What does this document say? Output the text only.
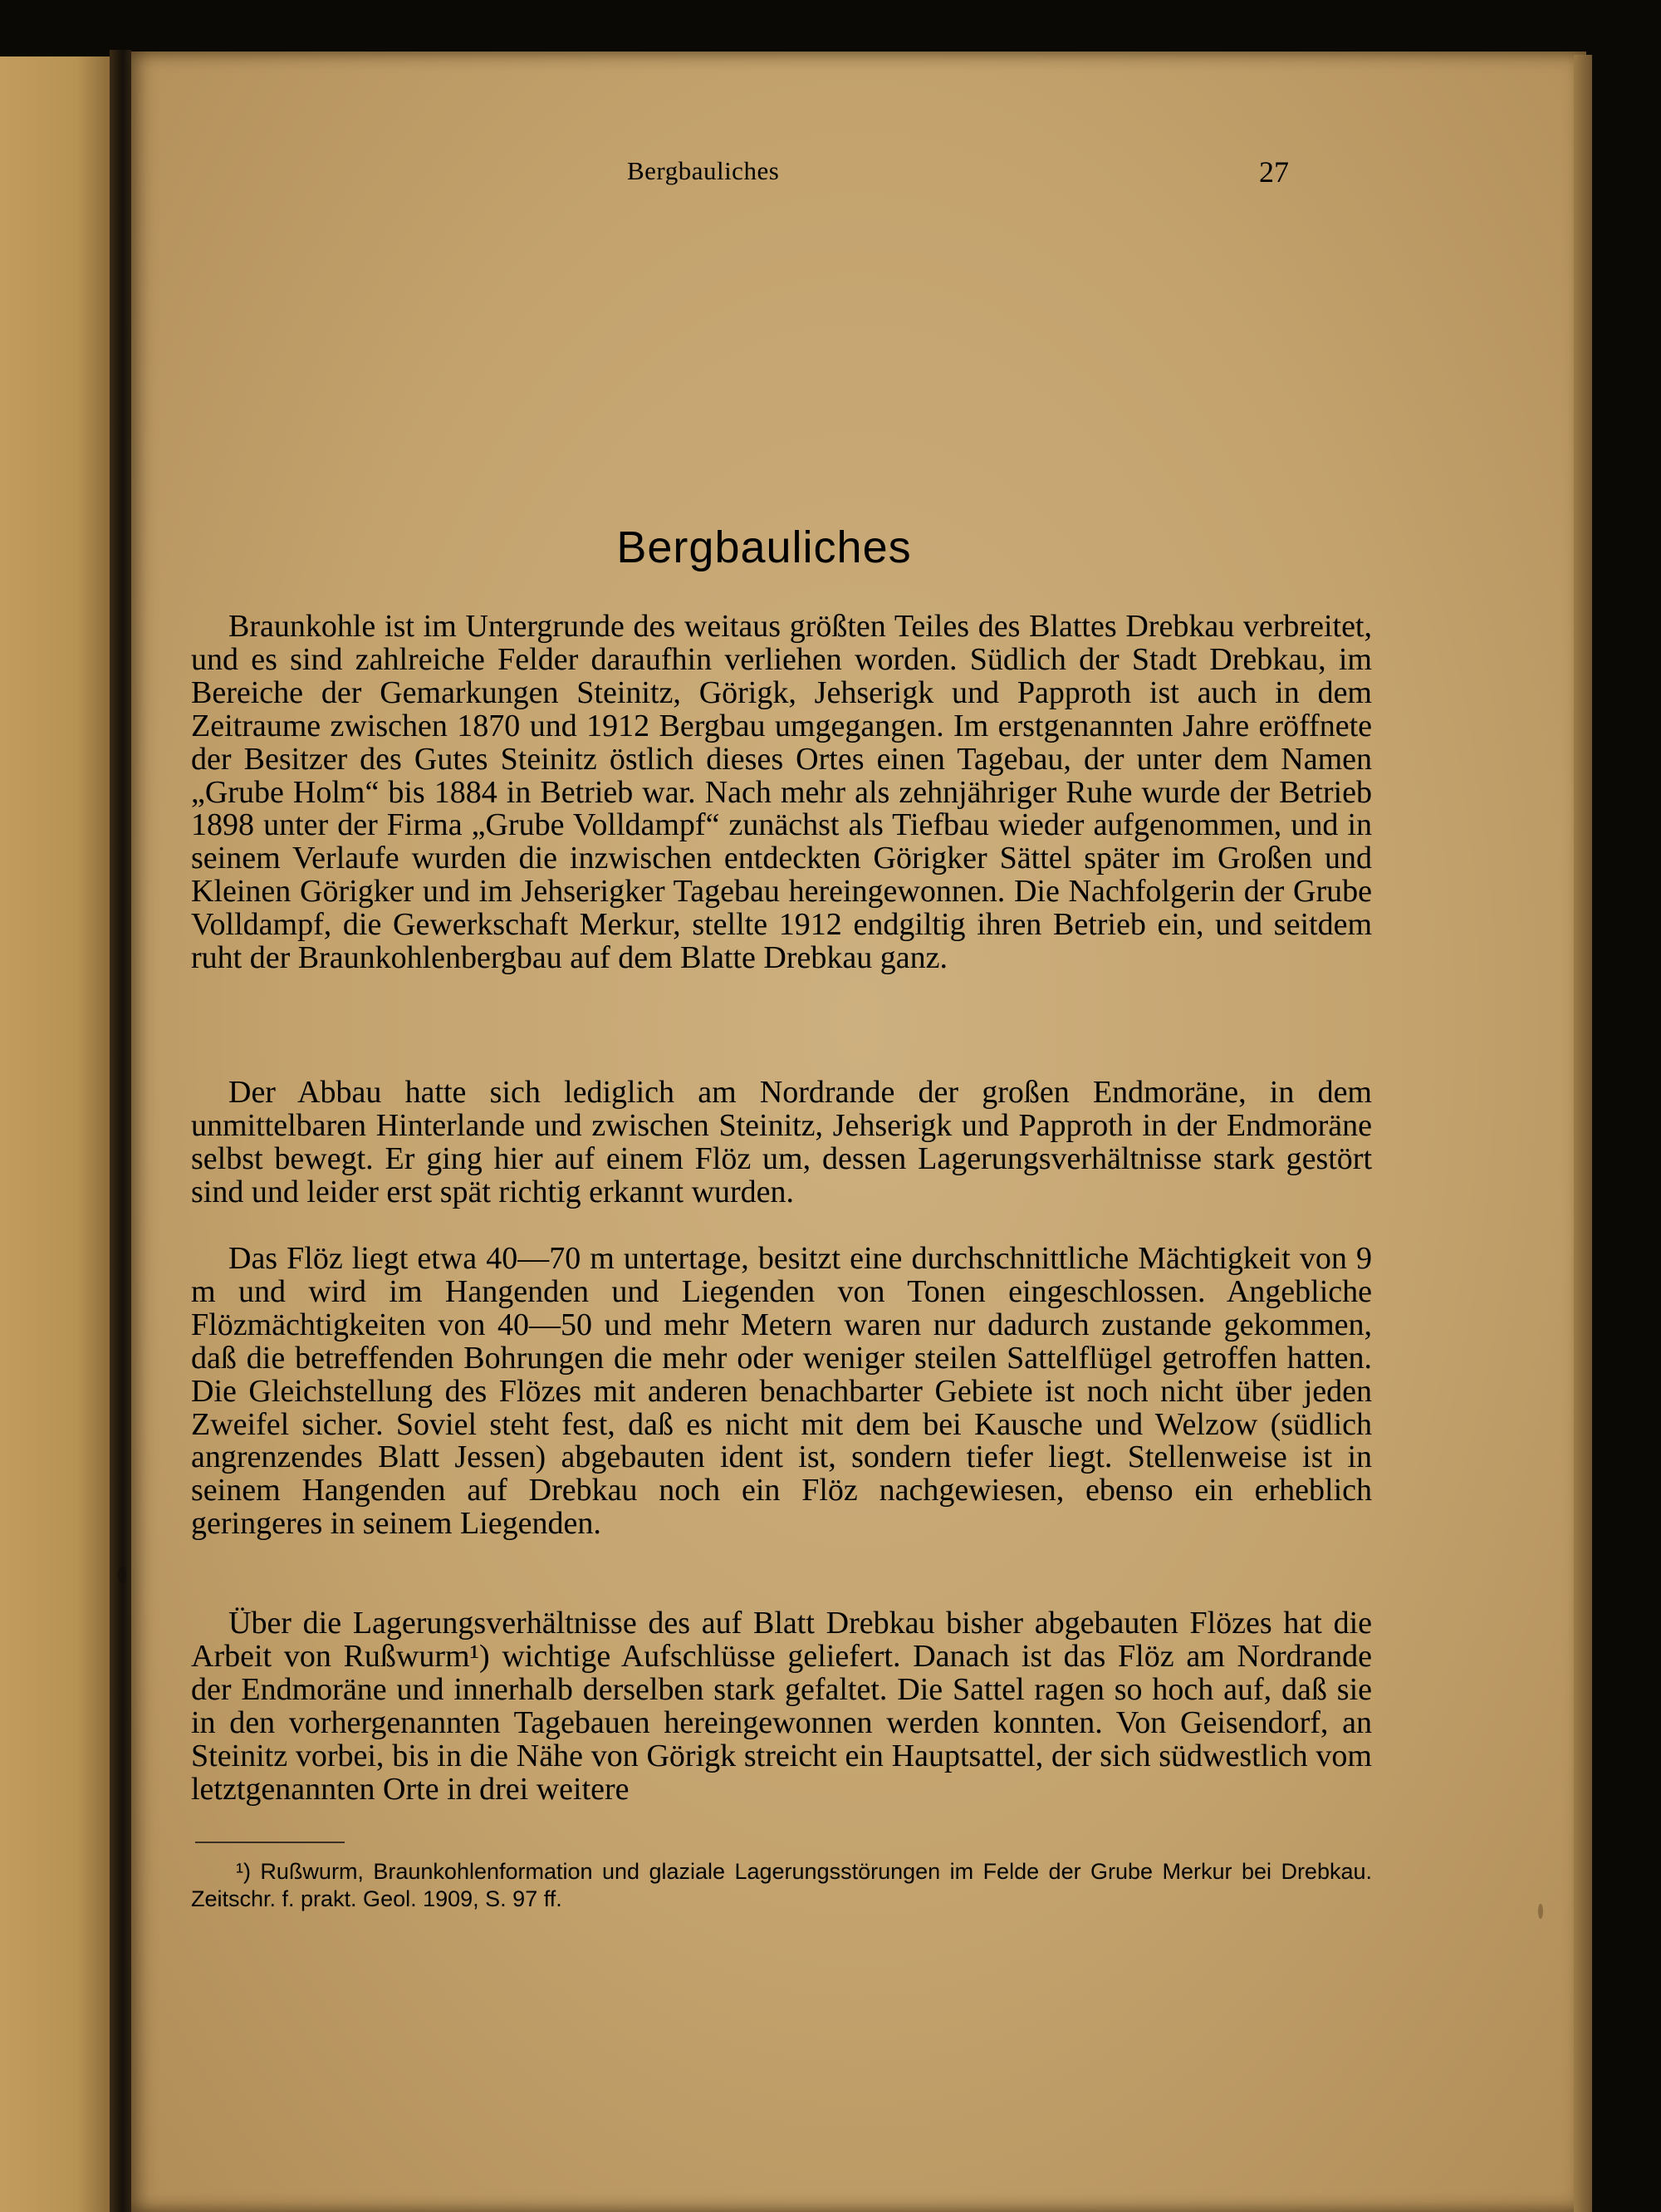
Bergbauliches	27
Bergbauliches

Braunkohle ist im Untergrunde des weitaus größten Teiles des Blattes Drebkau verbreitet, und es sind zahlreiche Felder daraufhin verliehen worden. Südlich der Stadt Drebkau, im Bereiche der Gemarkungen Steinitz, Görigk, Jehserigk und Papproth ist auch in dem Zeitraume zwischen 1870 und 1912 Bergbau umgegangen. Im erstgenannten Jahre eröffnete der Besitzer des Gutes Steinitz östlich dieses Ortes einen Tagebau, der unter dem Namen „Grube Holm“ bis 1884 in Betrieb war. Nach mehr als zehnjähriger Ruhe wurde der Betrieb 1898 unter der Firma „Grube Volldampf“ zunächst als Tiefbau wieder aufgenommen, und in seinem Verlaufe wurden die inzwischen entdeckten Görigker Sättel später im Großen und Kleinen Görigker und im Jehserigker Tagebau hereingewonnen. Die Nachfolgerin der Grube Volldampf, die Gewerkschaft Merkur, stellte 1912 endgiltig ihren Betrieb ein, und seitdem ruht der Braunkohlenbergbau auf dem Blatte Drebkau ganz.

Der Abbau hatte sich lediglich am Nordrande der großen Endmoräne, in dem unmittelbaren Hinterlande und zwischen Steinitz, Jehserigk und Papproth in der Endmoräne selbst bewegt. Er ging hier auf einem Flöz um, dessen Lagerungsverhältnisse stark gestört sind und leider erst spät richtig erkannt wurden.

Das Flöz liegt etwa 40—70 m untertage, besitzt eine durchschnittliche Mächtigkeit von 9 m und wird im Hangenden und Liegenden von Tonen eingeschlossen. Angebliche Flözmächtigkeiten von 40—50 und mehr Metern waren nur dadurch zustande gekommen, daß die betreffenden Bohrungen die mehr oder weniger steilen Sattelflügel getroffen hatten. Die Gleichstellung des Flözes mit anderen benachbarter Gebiete ist noch nicht über jeden Zweifel sicher. Soviel steht fest, daß es nicht mit dem bei Kausche und Welzow (südlich angrenzendes Blatt Jessen) abgebauten ident ist, sondern tiefer liegt. Stellenweise ist in seinem Hangenden auf Drebkau noch ein Flöz nachgewiesen, ebenso ein erheblich geringeres in seinem Liegenden.

Über die Lagerungsverhältnisse des auf Blatt Drebkau bisher abgebauten Flözes hat die Arbeit von Rußwurm¹) wichtige Aufschlüsse geliefert. Danach ist das Flöz am Nordrande der Endmoräne und innerhalb derselben stark gefaltet. Die Sattel ragen so hoch auf, daß sie in den vorhergenannten Tagebauen hereingewonnen werden konnten. Von Geisendorf, an Steinitz vorbei, bis in die Nähe von Görigk streicht ein Hauptsattel, der sich südwestlich vom letztgenannten Orte in drei weitere

¹) Rußwurm, Braunkohlenformation und glaziale Lagerungsstörungen im Felde der Grube Merkur bei Drebkau. Zeitschr. f. prakt. Geol. 1909, S. 97 ff.
